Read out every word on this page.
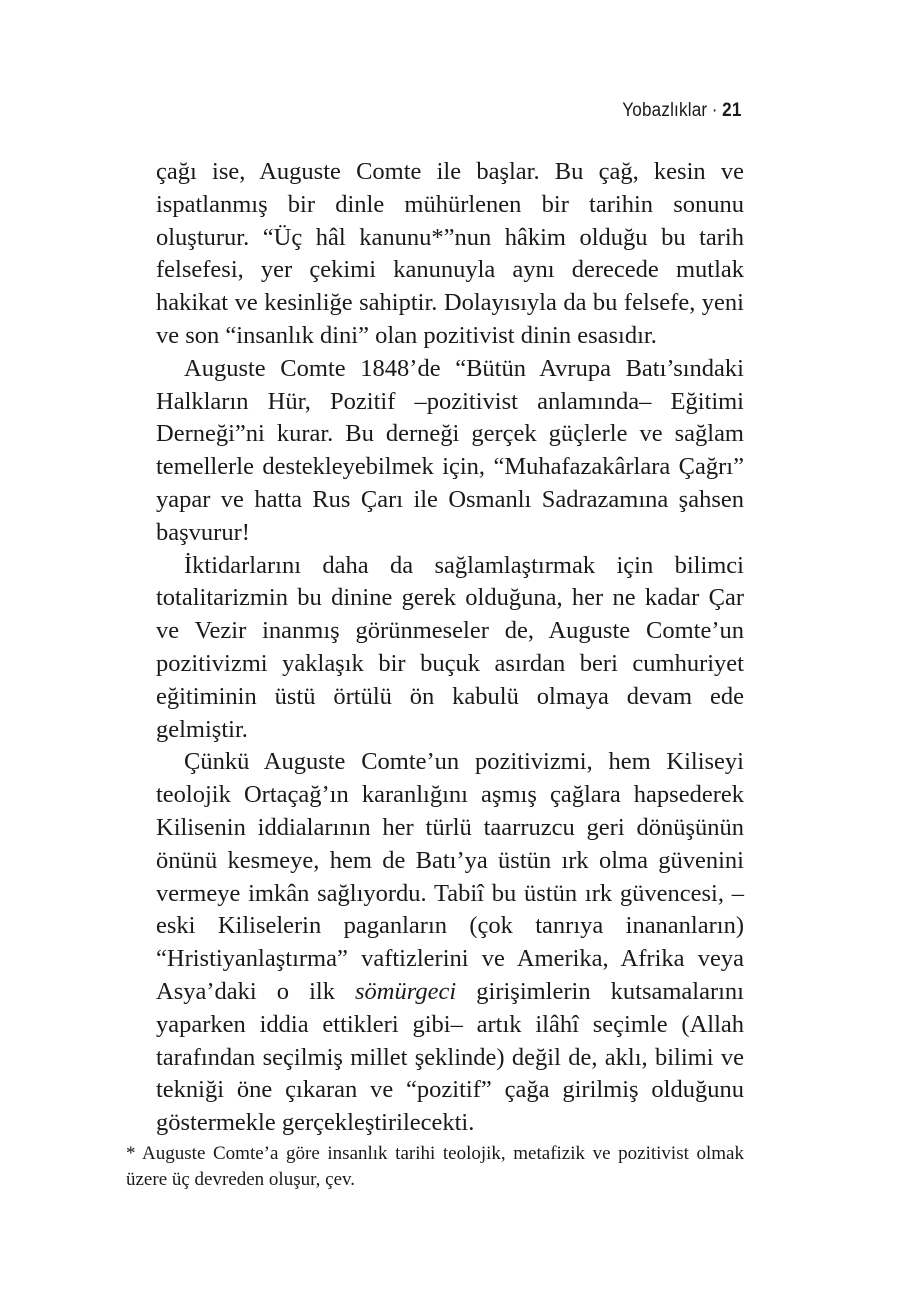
Yobazlıklar · 21

çağı ise, Auguste Comte ile başlar. Bu çağ, kesin ve ispatlanmış bir dinle mühürlenen bir tarihin sonunu oluşturur. “Üç hâl kanunu*”nun hâkim olduğu bu tarih felsefesi, yer çekimi kanunuyla aynı derecede mutlak hakikat ve kesinliğe sahiptir. Dolayısıyla da bu felsefe, yeni ve son “insanlık dini” olan pozitivist dinin esasıdır.

Auguste Comte 1848’de “Bütün Avrupa Batı’sındaki Halkların Hür, Pozitif –pozitivist anlamında– Eğitimi Derneği”ni kurar. Bu derneği gerçek güçlerle ve sağlam temellerle destekleyebilmek için, “Muhafazakârlara Çağrı” yapar ve hatta Rus Çarı ile Osmanlı Sadrazamına şahsen başvurur!

İktidarlarını daha da sağlamlaştırmak için bilimci totalitarizmin bu dinine gerek olduğuna, her ne kadar Çar ve Vezir inanmış görünmeseler de, Auguste Comte’un pozitivizmi yaklaşık bir buçuk asırdan beri cumhuriyet eğitiminin üstü örtülü ön kabulü olmaya devam ede gelmiştir.

Çünkü Auguste Comte’un pozitivizmi, hem Kiliseyi teolojik Ortaçağ’ın karanlığını aşmış çağlara hapsederek Kilisenin iddialarının her türlü taarruzcu geri dönüşünün önünü kesmeye, hem de Batı’ya üstün ırk olma güvenini vermeye imkân sağlıyordu. Tabiî bu üstün ırk güvencesi, –eski Kiliselerin paganların (çok tanrıya inananların) “Hristiyanlaştırma” vaftizlerini ve Amerika, Afrika veya Asya’daki o ilk sömürgeci girişimlerin kutsamalarını yaparken iddia ettikleri gibi– artık ilâhî seçimle (Allah tarafından seçilmiş millet şeklinde) değil de, aklı, bilimi ve tekniği öne çıkaran ve “pozitif” çağa girilmiş olduğunu göstermekle gerçekleştirilecekti.

* Auguste Comte’a göre insanlık tarihi teolojik, metafizik ve pozitivist olmak üzere üç devreden oluşur, çev.
